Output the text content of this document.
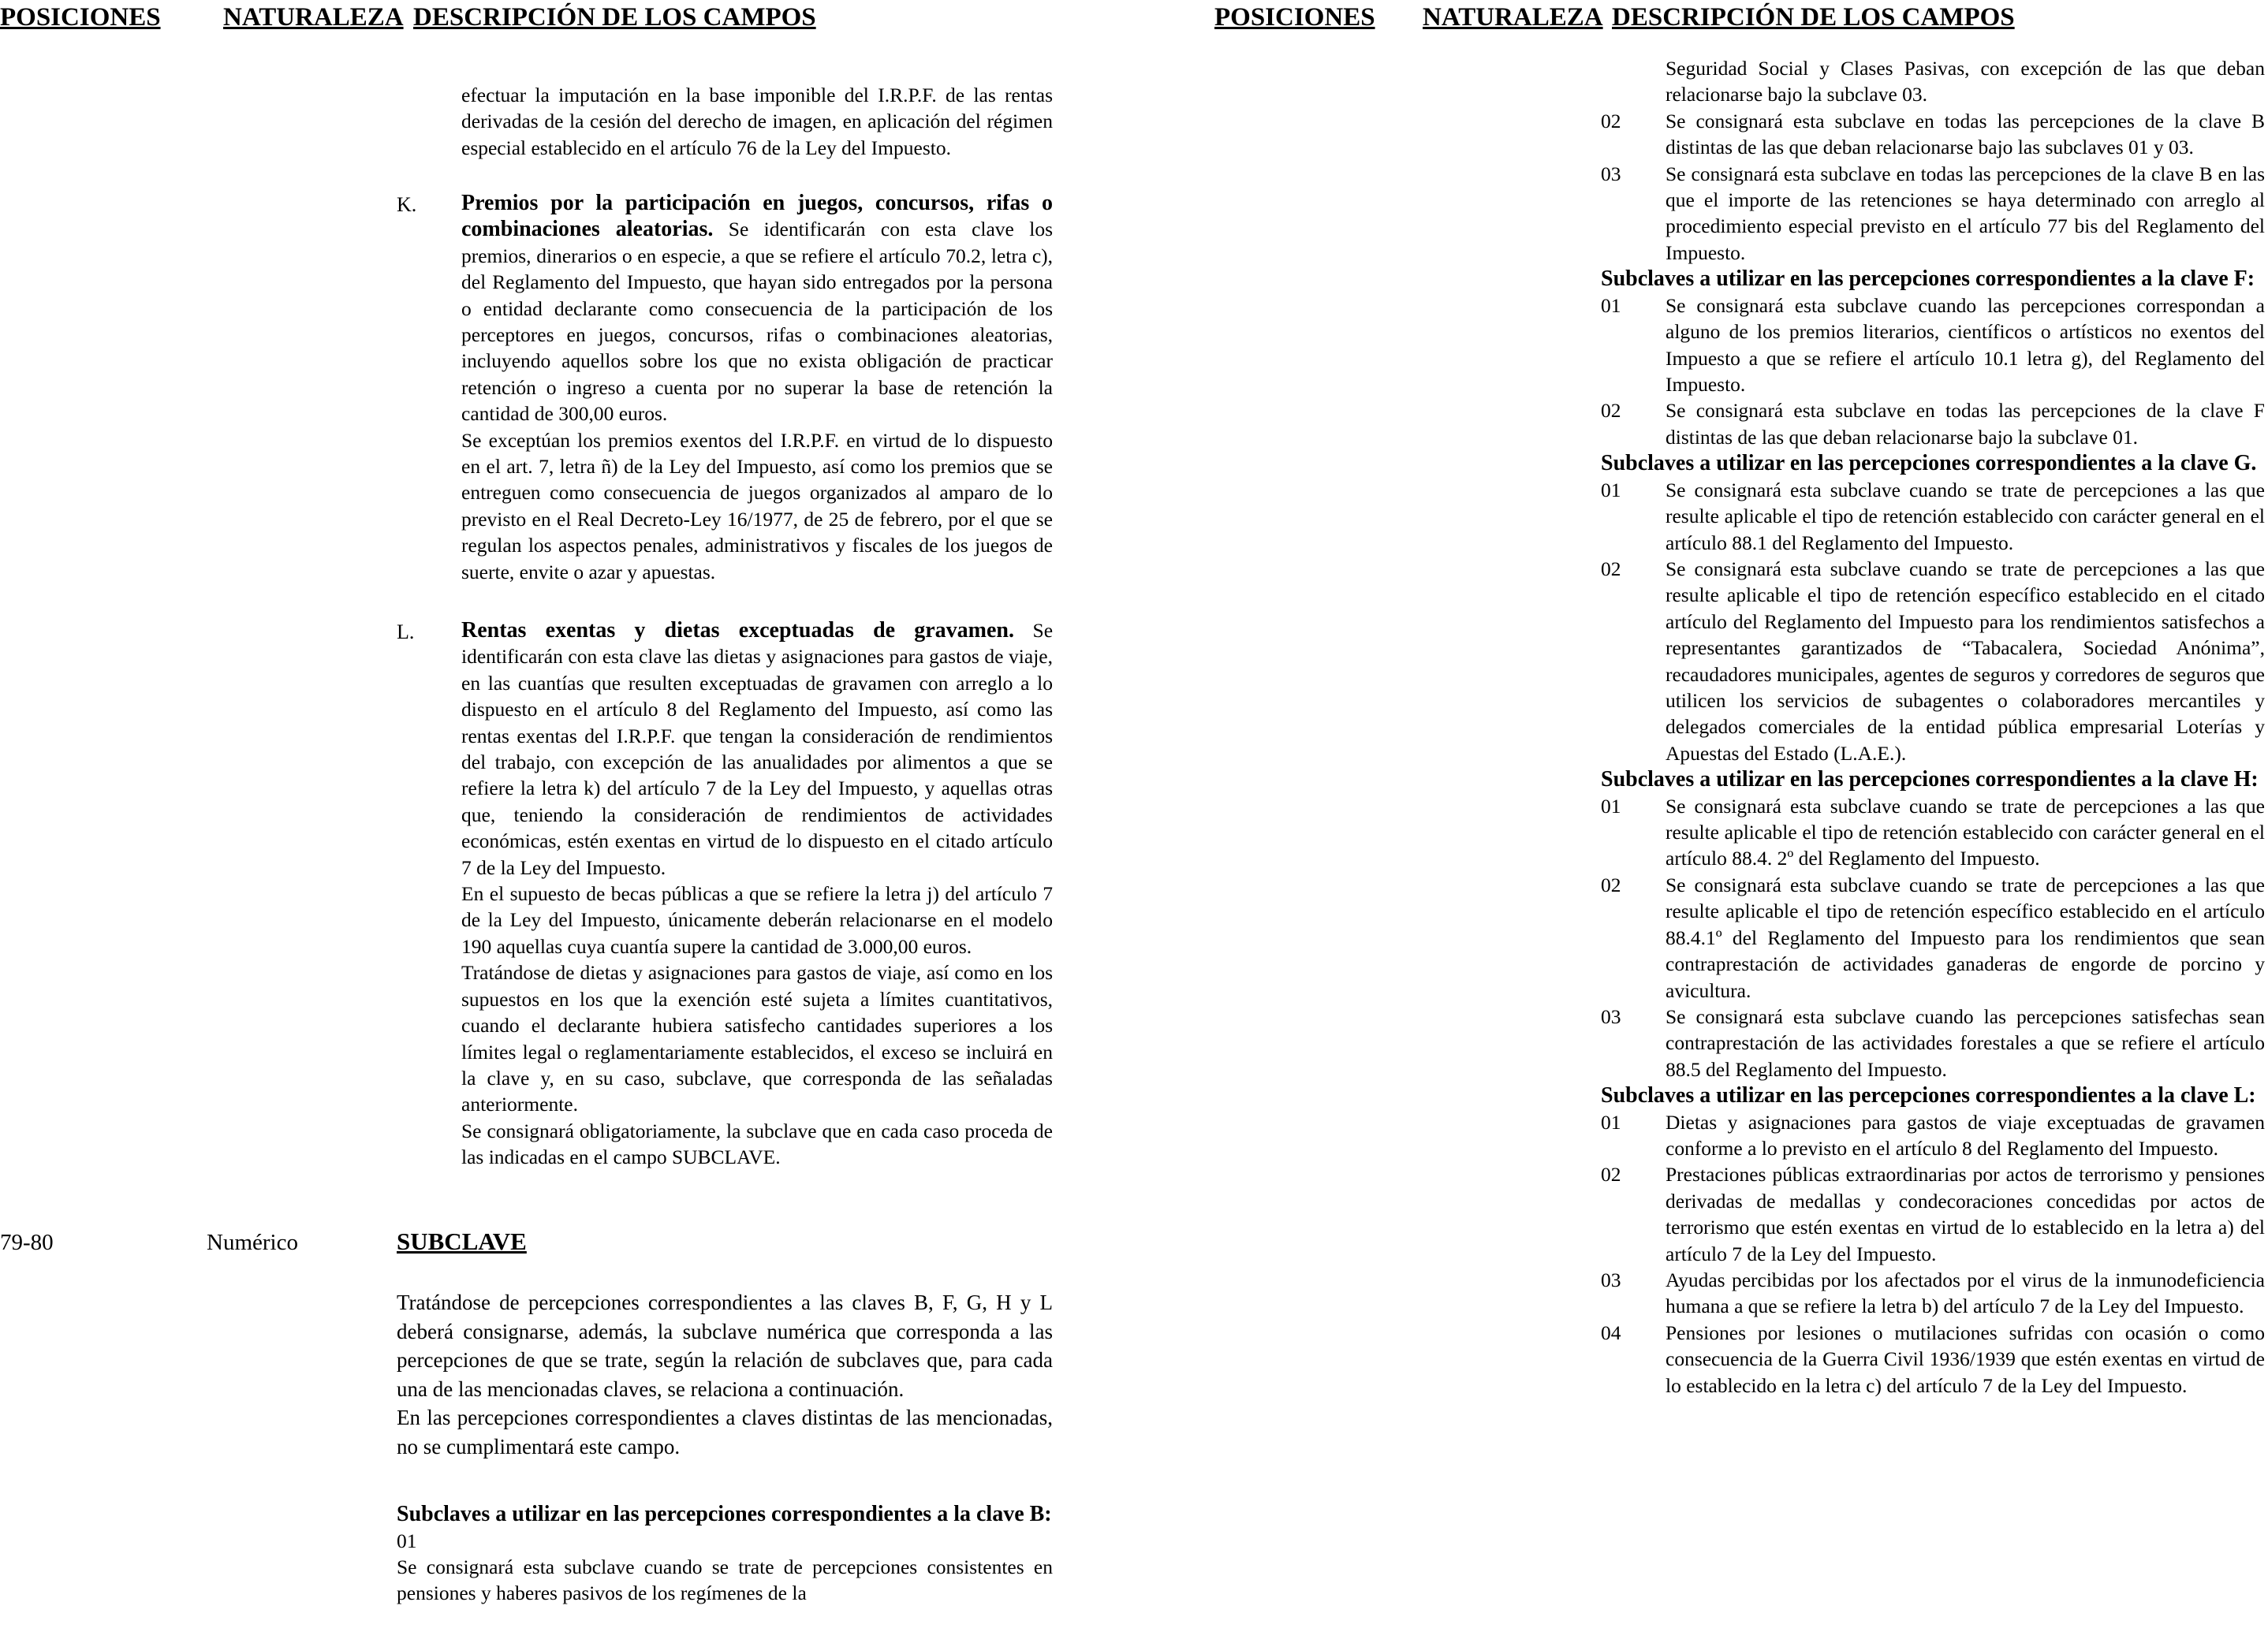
POSICIONES NATURALEZA DESCRIPCIÓN DE LOS CAMPOS	POSICIONES NATURALEZA DESCRIPCIÓN DE LOS CAMPOS

efectuar la imputación en la base imponible del I.R.P.F. de las rentas derivadas de la cesión del derecho de imagen, en aplicación del régimen especial establecido en el artículo 76 de la Ley del Impuesto.

K. Premios por la participación en juegos, concursos, rifas o combinaciones aleatorias. Se identificarán con esta clave los premios, dinerarios o en especie, a que se refiere el artículo 70.2, letra c), del Reglamento del Impuesto, que hayan sido entregados por la persona o entidad declarante como consecuencia de la participación de los perceptores en juegos, concursos, rifas o combinaciones aleatorias, incluyendo aquellos sobre los que no exista obligación de practicar retención o ingreso a cuenta por no superar la base de retención la cantidad de 300,00 euros.

Se exceptúan los premios exentos del I.R.P.F. en virtud de lo dispuesto en el art. 7, letra ñ) de la Ley del Impuesto, así como los premios que se entreguen como consecuencia de juegos organizados al amparo de lo previsto en el Real Decreto-Ley 16/1977, de 25 de febrero, por el que se regulan los aspectos penales, administrativos y fiscales de los juegos de suerte, envite o azar y apuestas.

L. Rentas exentas y dietas exceptuadas de gravamen. Se identificarán con esta clave las dietas y asignaciones para gastos de viaje, en las cuantías que resulten exceptuadas de gravamen con arreglo a lo dispuesto en el artículo 8 del Reglamento del Impuesto, así como las rentas exentas del I.R.P.F. que tengan la consideración de rendimientos del trabajo, con excepción de las anualidades por alimentos a que se refiere la letra k) del artículo 7 de la Ley del Impuesto, y aquellas otras que, teniendo la consideración de rendimientos de actividades económicas, estén exentas en virtud de lo dispuesto en el citado artículo 7 de la Ley del Impuesto.

En el supuesto de becas públicas a que se refiere la letra j) del artículo 7 de la Ley del Impuesto, únicamente deberán relacionarse en el modelo 190 aquellas cuya cuantía supere la cantidad de 3.000,00 euros.

Tratándose de dietas y asignaciones para gastos de viaje, así como en los supuestos en los que la exención esté sujeta a límites cuantitativos, cuando el declarante hubiera satisfecho cantidades superiores a los límites legal o reglamentariamente establecidos, el exceso se incluirá en la clave y, en su caso, subclave, que corresponda de las señaladas anteriormente.

Se consignará obligatoriamente, la subclave que en cada caso proceda de las indicadas en el campo SUBCLAVE.

79-80	Numérico	SUBCLAVE

Tratándose de percepciones correspondientes a las claves B, F, G, H y L deberá consignarse, además, la subclave numérica que corresponda a las percepciones de que se trate, según la relación de subclaves que, para cada una de las mencionadas claves, se relaciona a continuación.

En las percepciones correspondientes a claves distintas de las mencionadas, no se cumplimentará este campo.

Subclaves a utilizar en las percepciones correspondientes a la clave B:

01

Se consignará esta subclave cuando se trate de percepciones consistentes en pensiones y haberes pasivos de los regímenes de la

Seguridad Social y Clases Pasivas, con excepción de las que deban relacionarse bajo la subclave 03.

02 Se consignará esta subclave en todas las percepciones de la clave B distintas de las que deban relacionarse bajo las subclaves 01 y 03.

03 Se consignará esta subclave en todas las percepciones de la clave B en las que el importe de las retenciones se haya determinado con arreglo al procedimiento especial previsto en el artículo 77 bis del Reglamento del Impuesto.

Subclaves a utilizar en las percepciones correspondientes a la clave F:

01 Se consignará esta subclave cuando las percepciones correspondan a alguno de los premios literarios, científicos o artísticos no exentos del Impuesto a que se refiere el artículo 10.1 letra g), del Reglamento del Impuesto.

02 Se consignará esta subclave en todas las percepciones de la clave F distintas de las que deban relacionarse bajo la subclave 01.

Subclaves a utilizar en las percepciones correspondientes a la clave G.

01 Se consignará esta subclave cuando se trate de percepciones a las que resulte aplicable el tipo de retención establecido con carácter general en el artículo 88.1 del Reglamento del Impuesto.

02 Se consignará esta subclave cuando se trate de percepciones a las que resulte aplicable el tipo de retención específico establecido en el citado artículo del Reglamento del Impuesto para los rendimientos satisfechos a representantes garantizados de “Tabacalera, Sociedad Anónima”, recaudadores municipales, agentes de seguros y corredores de seguros que utilicen los servicios de subagentes o colaboradores mercantiles y delegados comerciales de la entidad pública empresarial Loterías y Apuestas del Estado (L.A.E.).

Subclaves a utilizar en las percepciones correspondientes a la clave H:

01 Se consignará esta subclave cuando se trate de percepciones a las que resulte aplicable el tipo de retención establecido con carácter general en el artículo 88.4. 2º del Reglamento del Impuesto.

02 Se consignará esta subclave cuando se trate de percepciones a las que resulte aplicable el tipo de retención específico establecido en el artículo 88.4.1º del Reglamento del Impuesto para los rendimientos que sean contraprestación de actividades ganaderas de engorde de porcino y avicultura.

03 Se consignará esta subclave cuando las percepciones satisfechas sean contraprestación de las actividades forestales a que se refiere el artículo 88.5 del Reglamento del Impuesto.

Subclaves a utilizar en las percepciones correspondientes a la clave L:

01 Dietas y asignaciones para gastos de viaje exceptuadas de gravamen conforme a lo previsto en el artículo 8 del Reglamento del Impuesto.

02 Prestaciones públicas extraordinarias por actos de terrorismo y pensiones derivadas de medallas y condecoraciones concedidas por actos de terrorismo que estén exentas en virtud de lo establecido en la letra a) del artículo 7 de la Ley del Impuesto.

03 Ayudas percibidas por los afectados por el virus de la inmunodeficiencia humana a que se refiere la letra b) del artículo 7 de la Ley del Impuesto.

04 Pensiones por lesiones o mutilaciones sufridas con ocasión o como consecuencia de la Guerra Civil 1936/1939 que estén exentas en virtud de lo establecido en la letra c) del artículo 7 de la Ley del Impuesto.
